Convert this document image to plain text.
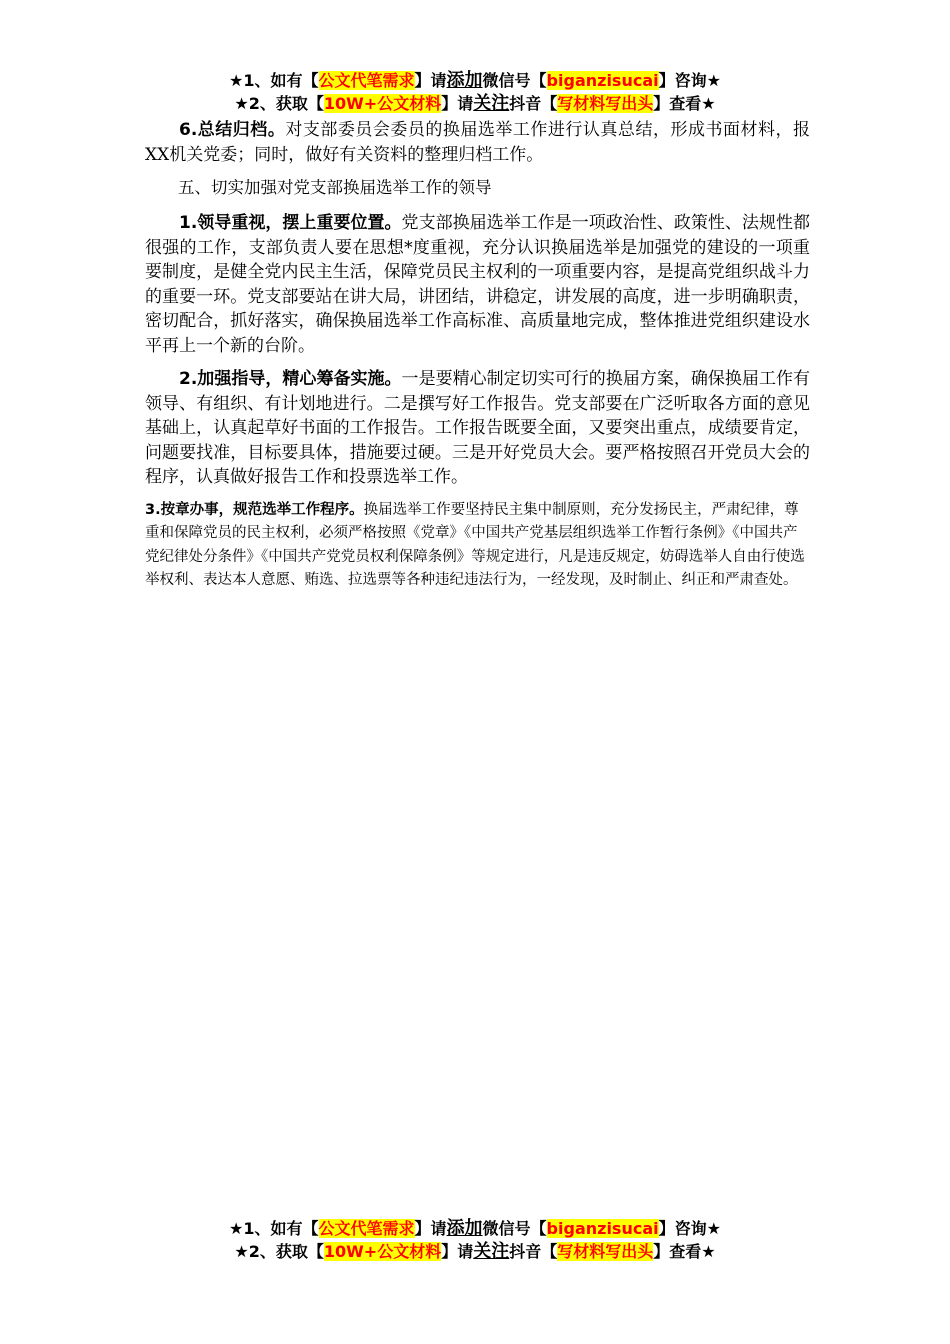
★1、如有【公文代笔需求】请添加微信号【biganzisucai】咨询★
★2、获取【10W+公文材料】请关注抖音【写材料写出头】查看★

6.总结归档。对支部委员会委员的换届选举工作进行认真总结，形成书面材料，报XX机关党委；同时，做好有关资料的整理归档工作。

五、切实加强对党支部换届选举工作的领导

1.领导重视，摆上重要位置。党支部换届选举工作是一项政治性、政策性、法规性都很强的工作，支部负责人要在思想*度重视，充分认识换届选举是加强党的建设的一项重要制度，是健全党内民主生活，保障党员民主权利的一项重要内容，是提高党组织战斗力的重要一环。党支部要站在讲大局，讲团结，讲稳定，讲发展的高度，进一步明确职责，密切配合，抓好落实，确保换届选举工作高标准、高质量地完成，整体推进党组织建设水平再上一个新的台阶。

2.加强指导，精心筹备实施。一是要精心制定切实可行的换届方案，确保换届工作有领导、有组织、有计划地进行。二是撰写好工作报告。党支部要在广泛听取各方面的意见基础上，认真起草好书面的工作报告。工作报告既要全面，又要突出重点，成绩要肯定，问题要找准，目标要具体，措施要过硬。三是开好党员大会。要严格按照召开党员大会的程序，认真做好报告工作和投票选举工作。

3.按章办事，规范选举工作程序。换届选举工作要坚持民主集中制原则，充分发扬民主，严肃纪律，尊重和保障党员的民主权利，必须严格按照《党章》《中国共产党基层组织选举工作暂行条例》《中国共产党纪律处分条件》《中国共产党党员权利保障条例》等规定进行，凡是违反规定，妨碍选举人自由行使选举权利、表达本人意愿、贿选、拉选票等各种违纪违法行为，一经发现，及时制止、纠正和严肃查处。

★1、如有【公文代笔需求】请添加微信号【biganzisucai】咨询★
★2、获取【10W+公文材料】请关注抖音【写材料写出头】查看★
